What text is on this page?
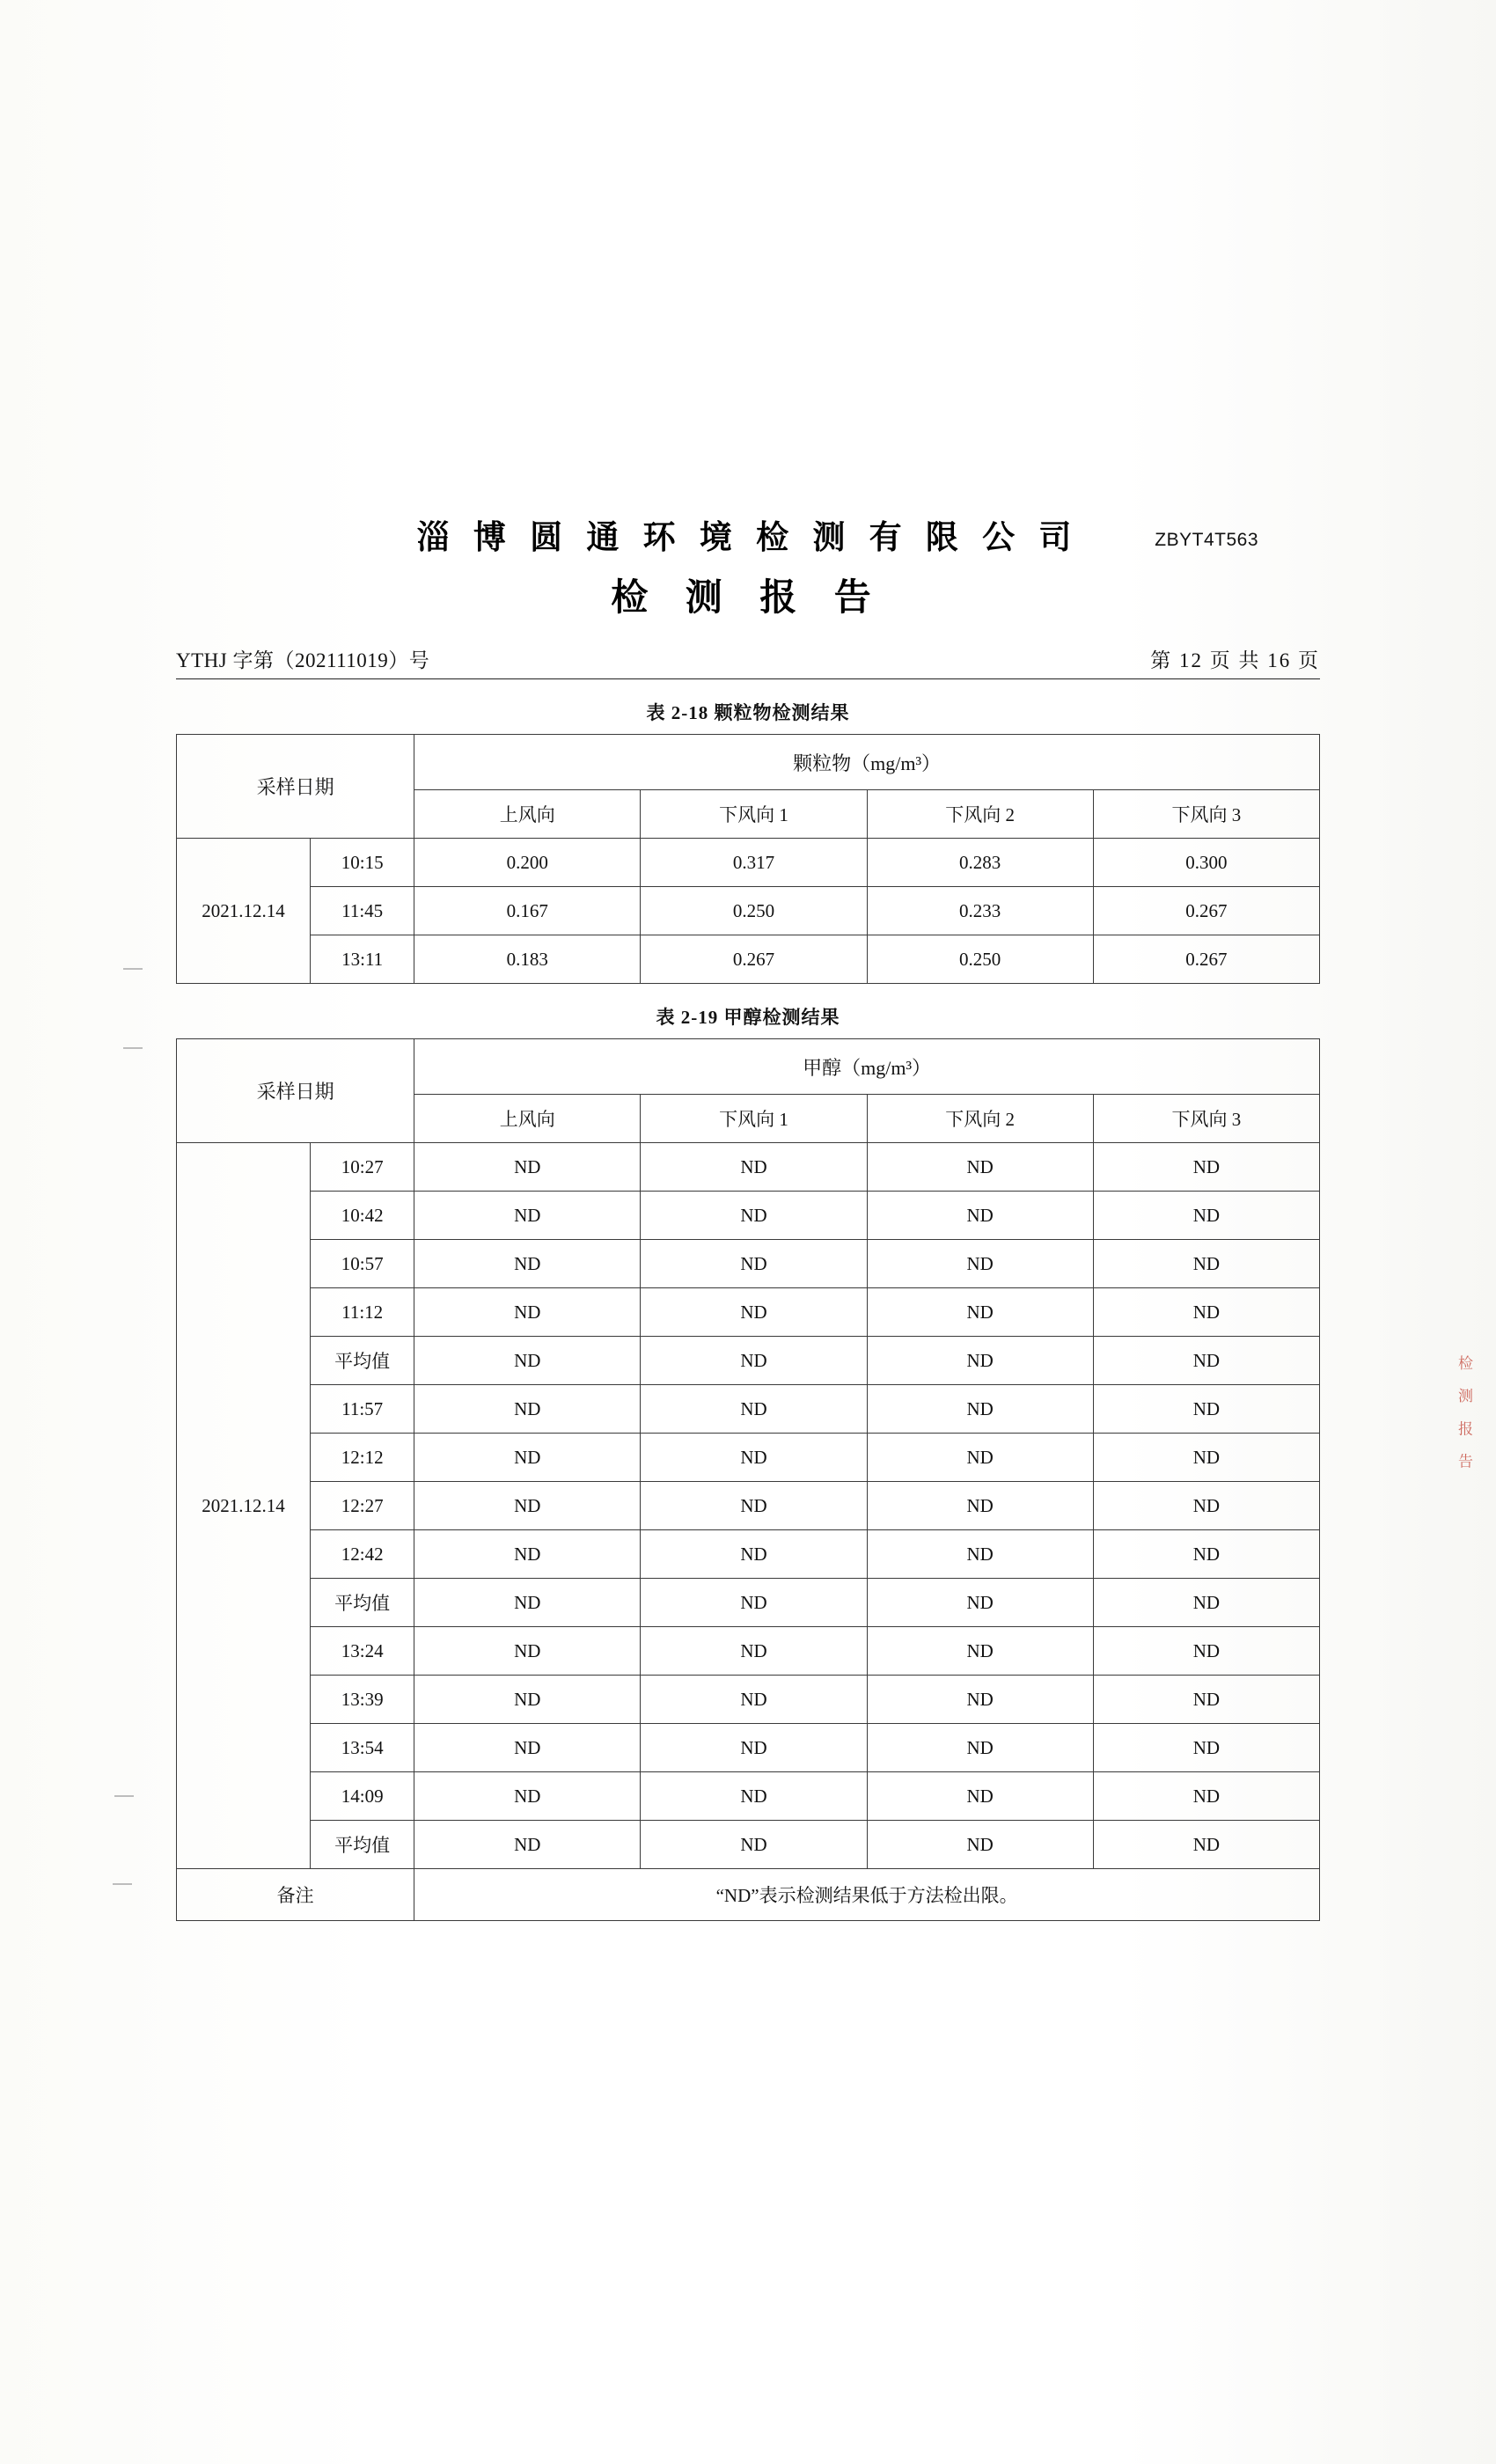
检 测 报 告
淄 博 圆 通 环 境 检 测 有 限 公 司	ZBYT4T563
检 测 报 告
YTHJ 字第（202111019）号	第 12 页 共 16 页
表 2-18 颗粒物检测结果
采样日期		颗粒物（mg/m³）			
		上风向	下风向 1	下风向 2	下风向 3
2021.12.14	10:15	0.200	0.317	0.283	0.300
	11:45	0.167	0.250	0.233	0.267
	13:11	0.183	0.267	0.250	0.267
表 2-19 甲醇检测结果
采样日期		甲醇（mg/m³）			
		上风向	下风向 1	下风向 2	下风向 3
2021.12.14	10:27	ND	ND	ND	ND
	10:42	ND	ND	ND	ND
	10:57	ND	ND	ND	ND
	11:12	ND	ND	ND	ND
	平均值	ND	ND	ND	ND
	11:57	ND	ND	ND	ND
	12:12	ND	ND	ND	ND
	12:27	ND	ND	ND	ND
	12:42	ND	ND	ND	ND
	平均值	ND	ND	ND	ND
	13:24	ND	ND	ND	ND
	13:39	ND	ND	ND	ND
	13:54	ND	ND	ND	ND
	14:09	ND	ND	ND	ND
	平均值	ND	ND	ND	ND
备注		“ND”表示检测结果低于方法检出限。			
